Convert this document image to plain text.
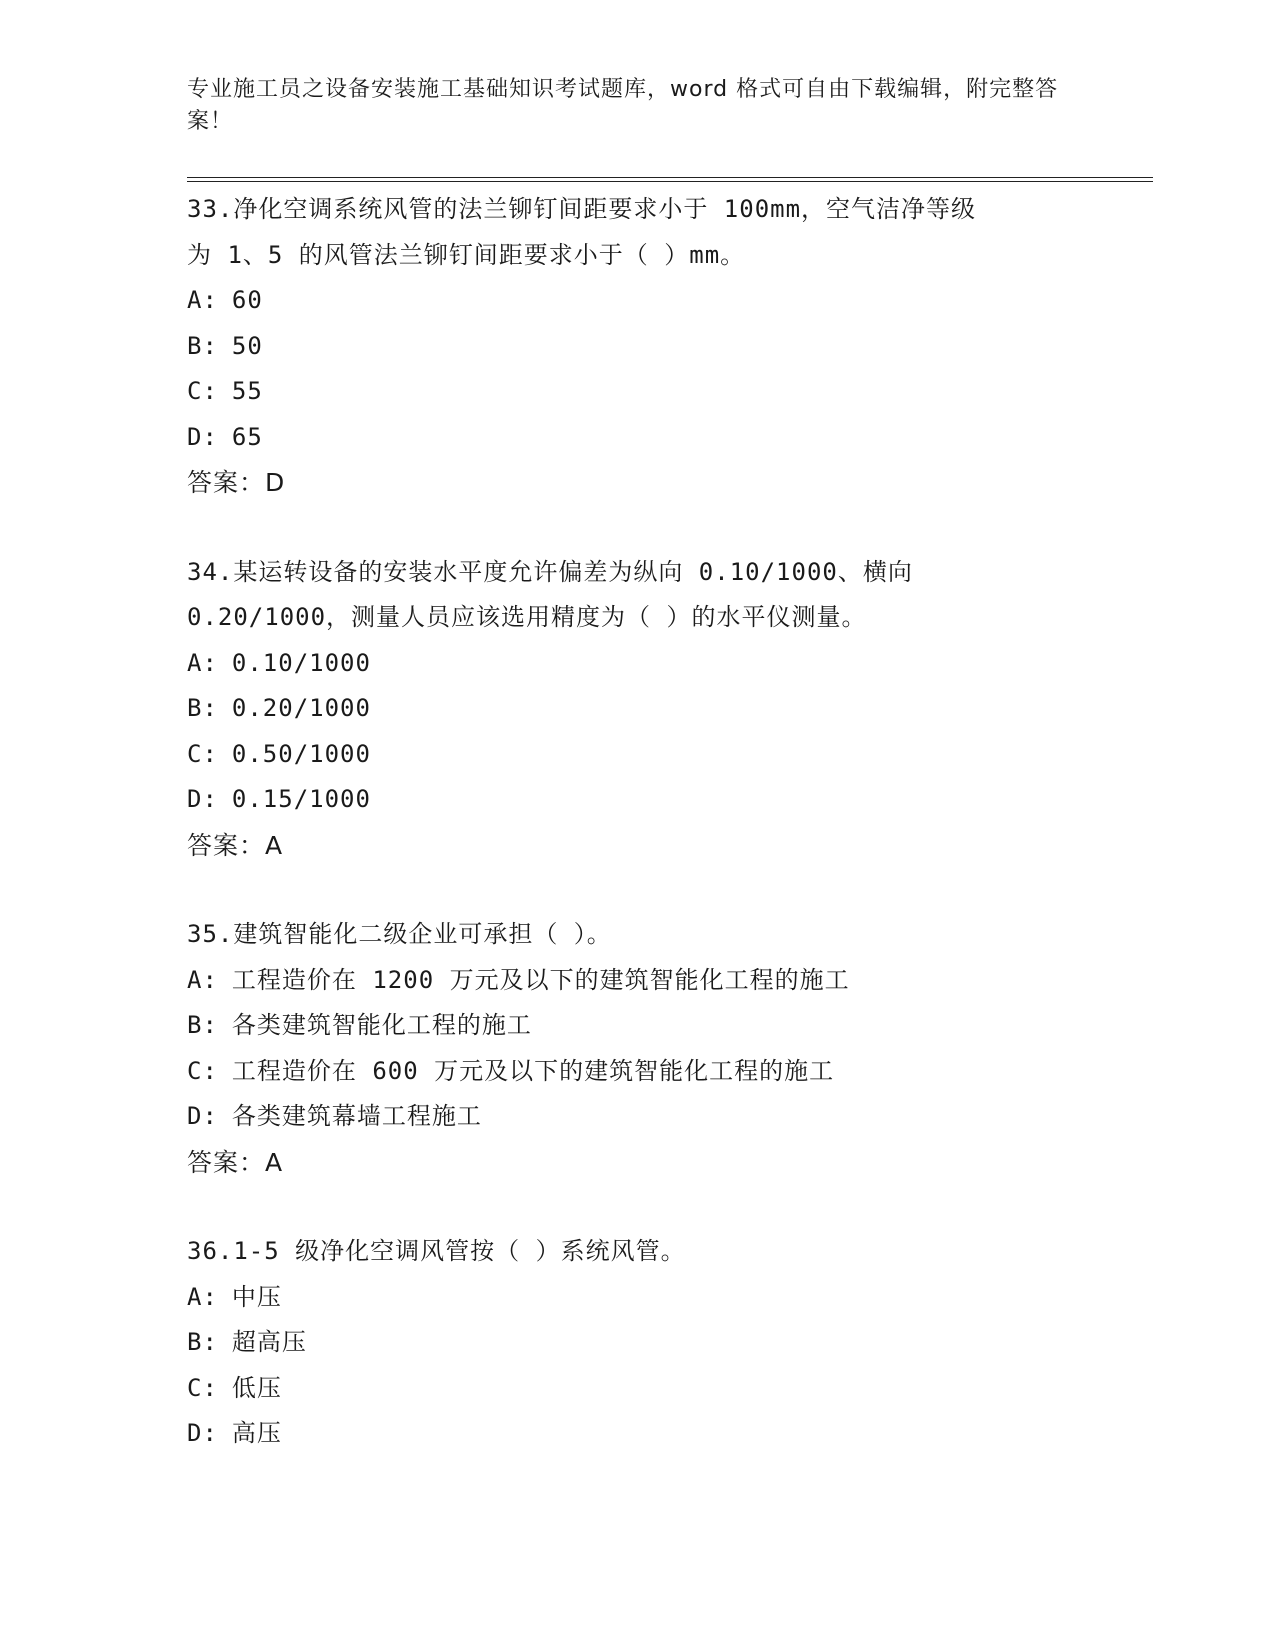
专业施工员之设备安装施工基础知识考试题库，word 格式可自由下载编辑，附完整答案！

33.净化空调系统风管的法兰铆钉间距要求小于 100mm，空气洁净等级

为 1、5 的风管法兰铆钉间距要求小于（ ）mm。

A: 60

B: 50

C: 55

D: 65

答案：D

34.某运转设备的安装水平度允许偏差为纵向 0.10/1000、横向

0.20/1000，测量人员应该选用精度为（ ）的水平仪测量。

A: 0.10/1000

B: 0.20/1000

C: 0.50/1000

D: 0.15/1000

答案：A

35.建筑智能化二级企业可承担（ ）。

A: 工程造价在 1200 万元及以下的建筑智能化工程的施工

B: 各类建筑智能化工程的施工

C: 工程造价在 600 万元及以下的建筑智能化工程的施工

D: 各类建筑幕墙工程施工

答案：A

36.1-5 级净化空调风管按（ ）系统风管。

A: 中压

B: 超高压

C: 低压

D: 高压
